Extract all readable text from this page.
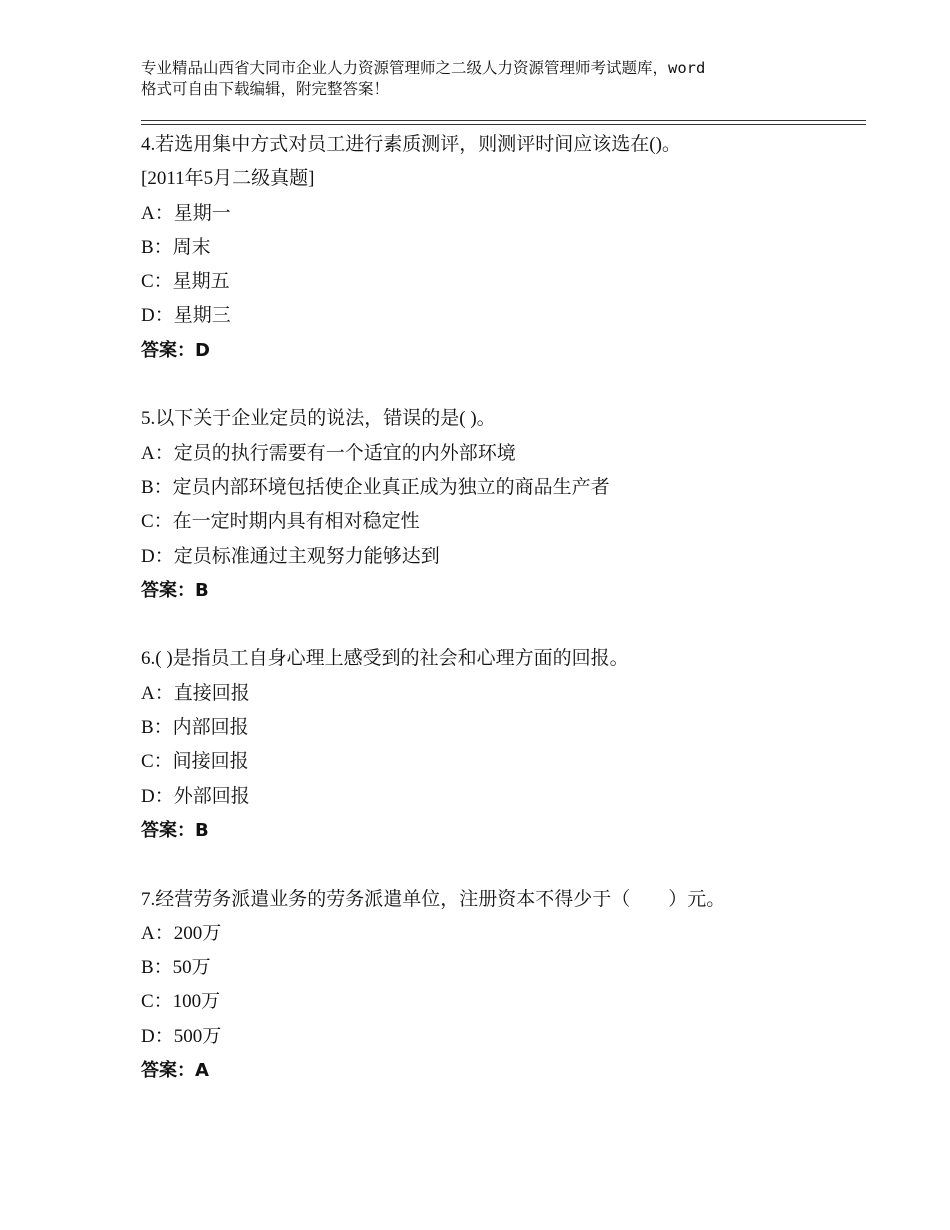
专业精品山西省大同市企业人力资源管理师之二级人力资源管理师考试题库，word
格式可自由下载编辑，附完整答案！
4.若选用集中方式对员工进行素质测评，则测评时间应该选在()。
[2011年5月二级真题]
A：星期一
B：周末
C：星期五
D：星期三
答案：D
5.以下关于企业定员的说法，错误的是( )。
A：定员的执行需要有一个适宜的内外部环境
B：定员内部环境包括使企业真正成为独立的商品生产者
C：在一定时期内具有相对稳定性
D：定员标准通过主观努力能够达到
答案：B
6.( )是指员工自身心理上感受到的社会和心理方面的回报。
A：直接回报
B：内部回报
C：间接回报
D：外部回报
答案：B
7.经营劳务派遣业务的劳务派遣单位，注册资本不得少于（　　）元。
A：200万
B：50万
C：100万
D：500万
答案：A
